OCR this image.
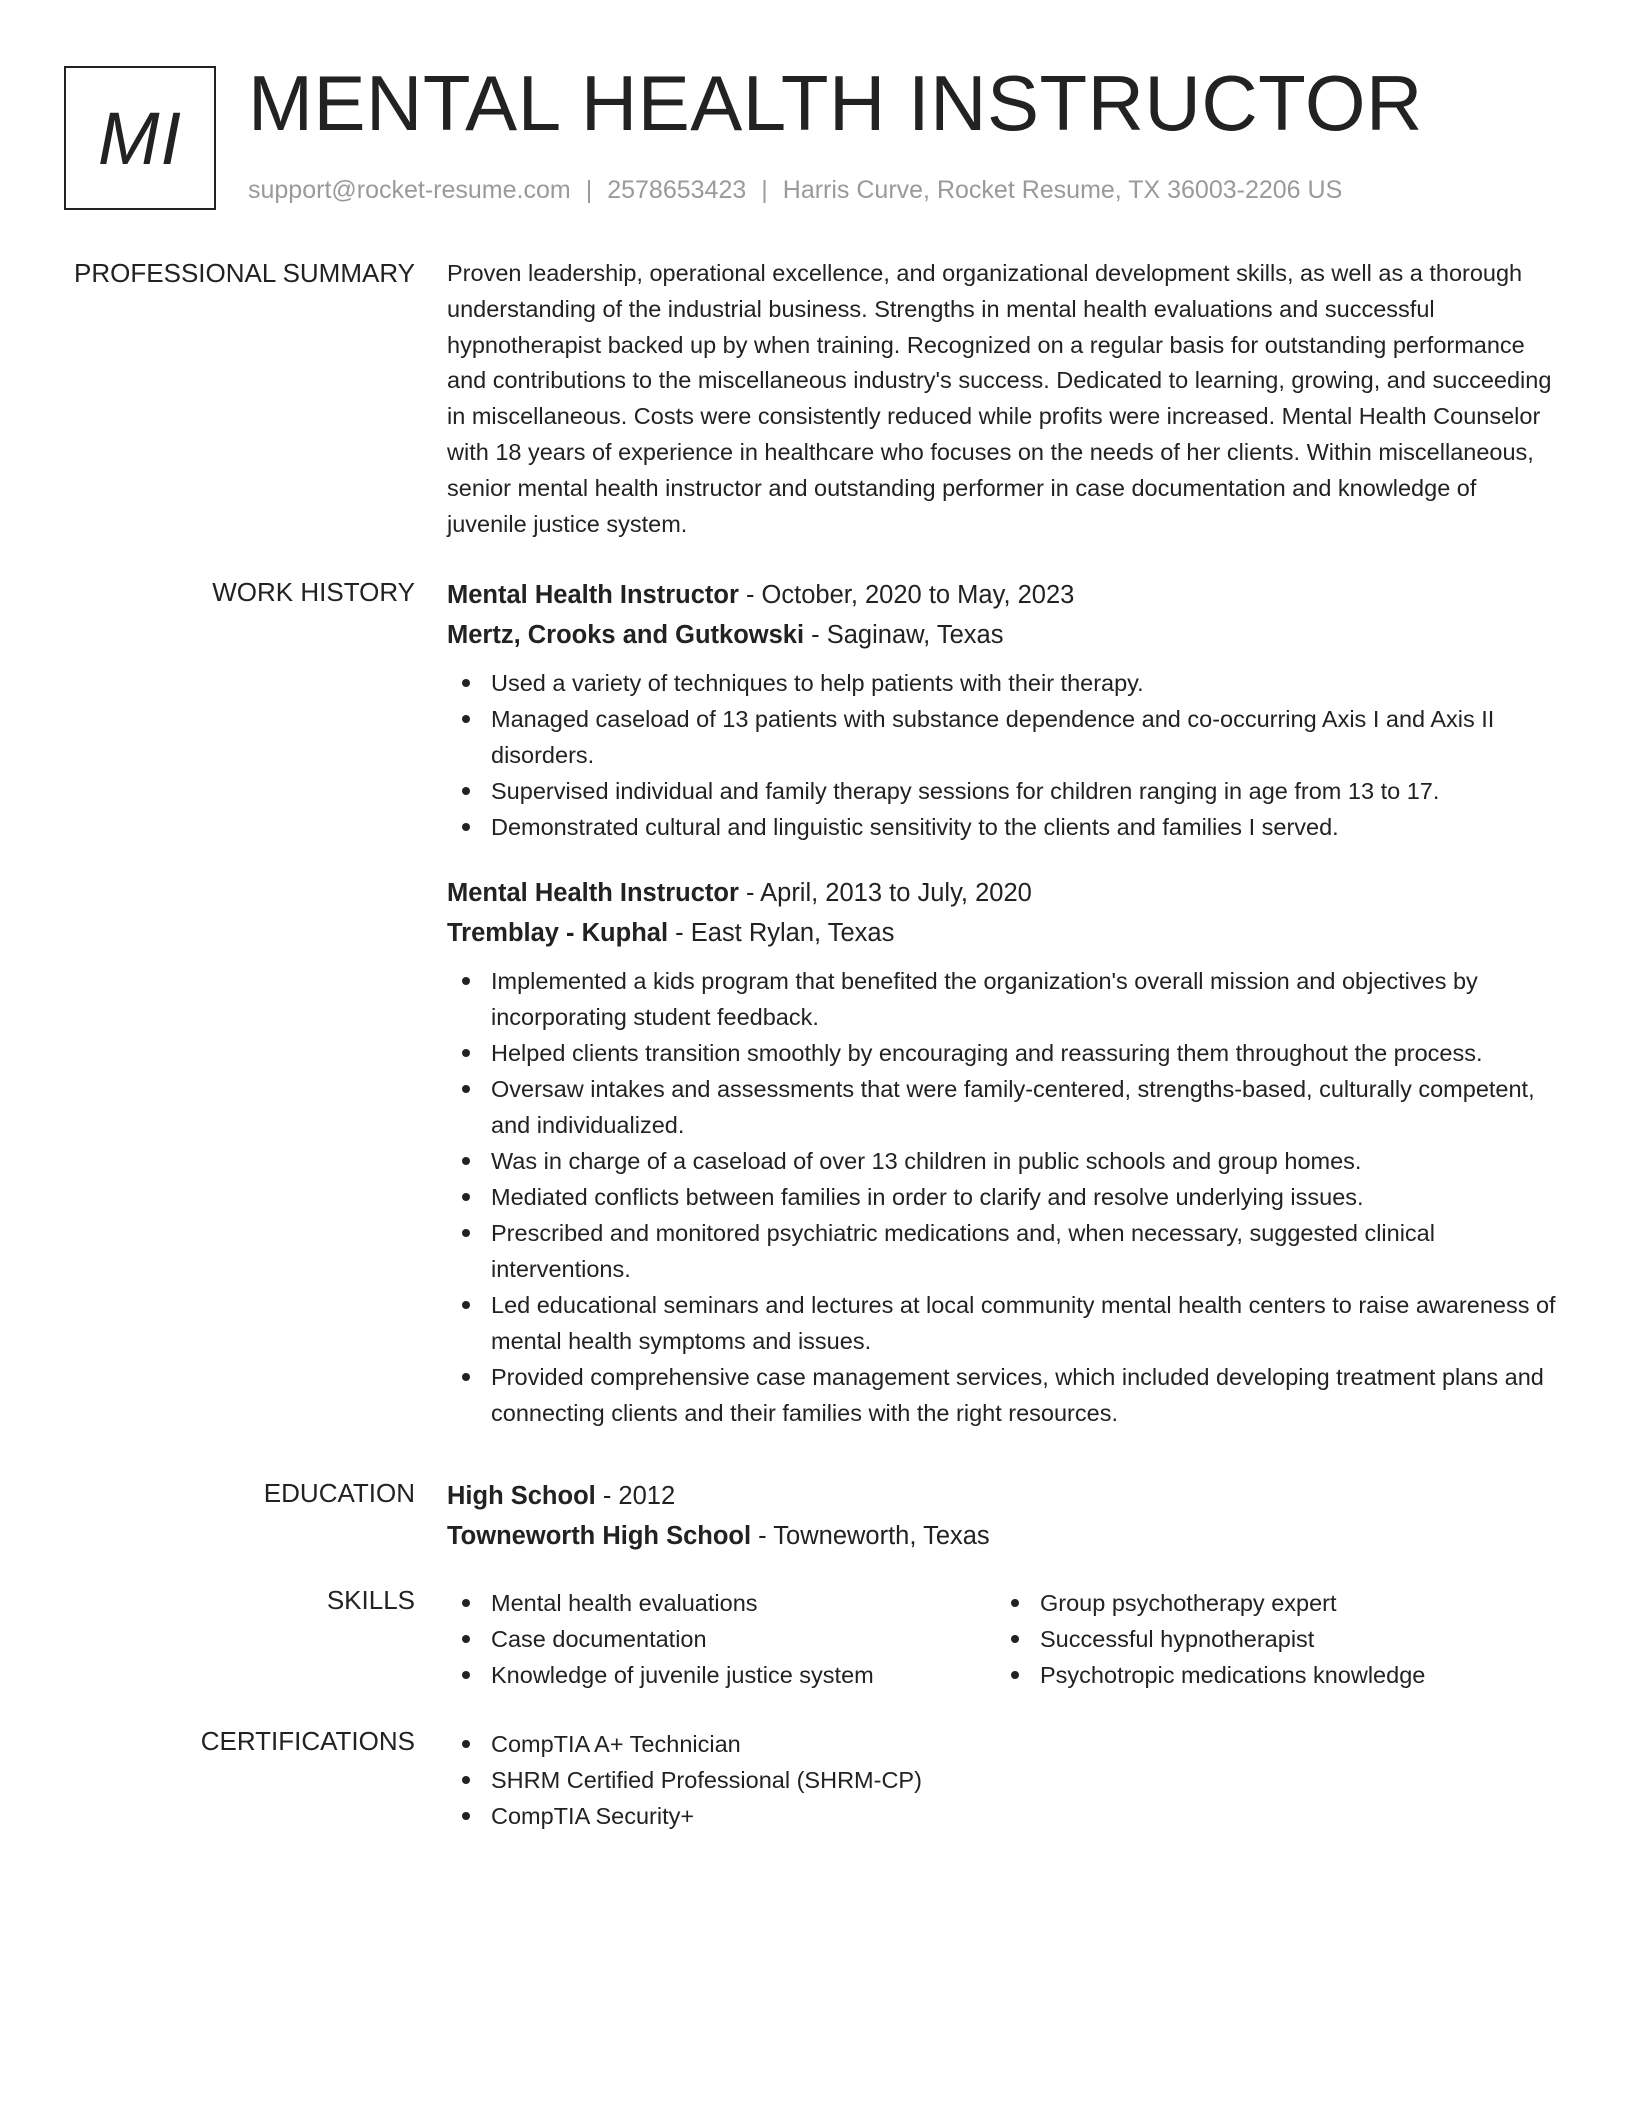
MI MENTAL HEALTH INSTRUCTOR
support@rocket-resume.com | 2578653423 | Harris Curve, Rocket Resume, TX 36003-2206 US
PROFESSIONAL SUMMARY Proven leadership, operational excellence, and organizational development skills, as well as a thorough understanding of the industrial business. Strengths in mental health evaluations and successful hypnotherapist backed up by when training. Recognized on a regular basis for outstanding performance and contributions to the miscellaneous industry's success. Dedicated to learning, growing, and succeeding in miscellaneous. Costs were consistently reduced while profits were increased. Mental Health Counselor with 18 years of experience in healthcare who focuses on the needs of her clients. Within miscellaneous, senior mental health instructor and outstanding performer in case documentation and knowledge of juvenile justice system.
WORK HISTORY Mental Health Instructor - October, 2020 to May, 2023
Mertz, Crooks and Gutkowski - Saginaw, Texas
Used a variety of techniques to help patients with their therapy.
Managed caseload of 13 patients with substance dependence and co-occurring Axis I and Axis II disorders.
Supervised individual and family therapy sessions for children ranging in age from 13 to 17.
Demonstrated cultural and linguistic sensitivity to the clients and families I served.
Mental Health Instructor - April, 2013 to July, 2020
Tremblay - Kuphal - East Rylan, Texas
Implemented a kids program that benefited the organization's overall mission and objectives by incorporating student feedback.
Helped clients transition smoothly by encouraging and reassuring them throughout the process.
Oversaw intakes and assessments that were family-centered, strengths-based, culturally competent, and individualized.
Was in charge of a caseload of over 13 children in public schools and group homes.
Mediated conflicts between families in order to clarify and resolve underlying issues.
Prescribed and monitored psychiatric medications and, when necessary, suggested clinical interventions.
Led educational seminars and lectures at local community mental health centers to raise awareness of mental health symptoms and issues.
Provided comprehensive case management services, which included developing treatment plans and connecting clients and their families with the right resources.
EDUCATION High School - 2012
Towneworth High School - Towneworth, Texas
SKILLS	Mental health evaluations
Case documentation
Knowledge of juvenile justice system
Group psychotherapy expert
Successful hypnotherapist
Psychotropic medications knowledge
CERTIFICATIONS	CompTIA A+ Technician
SHRM Certified Professional (SHRM-CP)
CompTIA Security+
